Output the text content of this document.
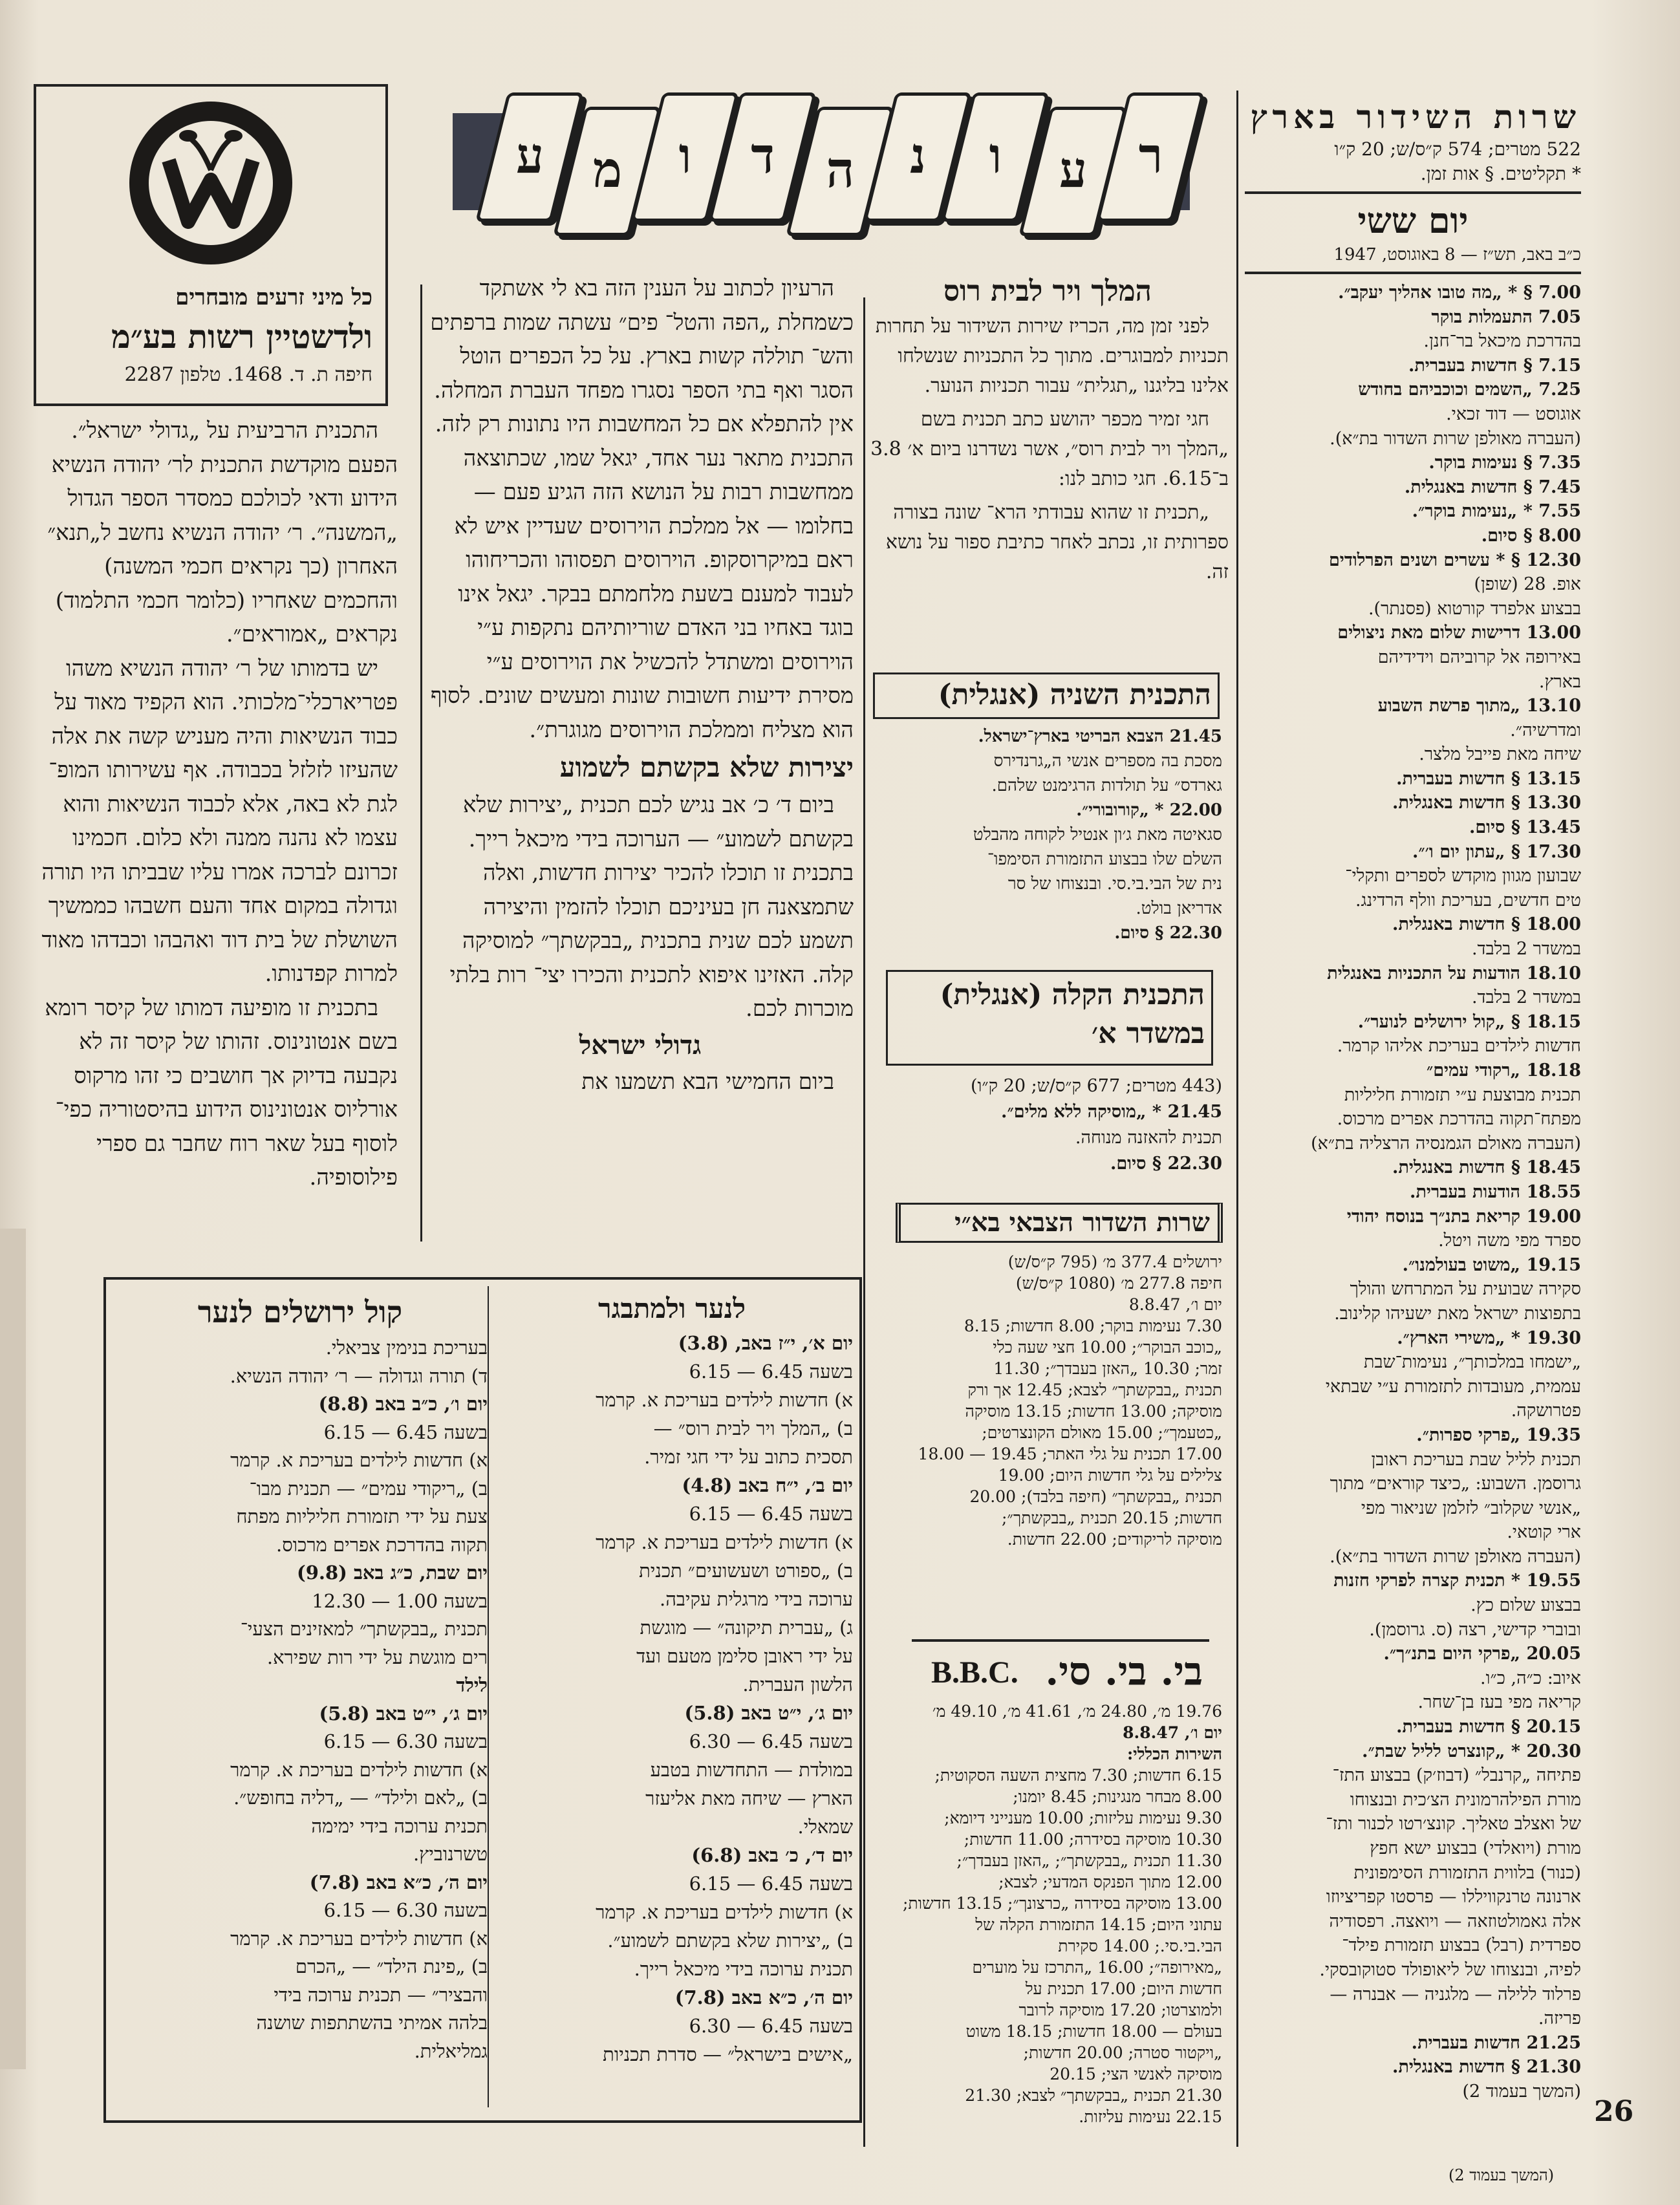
כל מיני זרעים מובחרים
ולדשטיין רשות בע״מ
חיפה ת. ד. 1468. טלפון 2287
ע מ	ו	ד	ה	נ	ו	ע	ר
שרות השידור בארץ
522 מטרים; 574 ק״ס/ש; 20 ק״ו
* תקליטים. § אות זמן.
יום ששי
כ״ב באב, תש״ז — 8 באוגוסט, 1947
7.00 § * „מה טובו אהליך יעקב״.
7.05 התעמלות בוקר
בהדרכת מיכאל בר־חנן.
7.15 § חדשות בעברית.
7.25 „השמים וכוכביהם בחודש
אוגוסט — דוד זכאי.
(העברה מאולפן שרות השדור בת״א).
7.35 § נעימות בוקר.
7.45 § חדשות באנגלית.
7.55 * „נעימות בוקר״.
8.00 § סיום.
12.30 § * עשרים ושנים הפרלודים
אופ. 28 (שופן)
בבצוע אלפרד קורטוא (פסנתר).
13.00 דרישות שלום מאת ניצולים
באירופה אל קרוביהם וידידיהם
בארץ.
13.10 „מתוך פרשת השבוע
ומדרשיה״.
שיחה מאת פייבל מלצר.
13.15 § חדשות בעברית.
13.30 § חדשות באנגלית.
13.45 § סיום.
17.30 § „עתון יום ו׳״.
שבועון מגוון מוקדש לספרים ותקלי־
טים חדשים, בעריכת וולף הרדינג.
18.00 § חדשות באנגלית.
במשדר 2 בלבד.
18.10 הודעות על התכניות באנגלית
במשדר 2 בלבד.
18.15 § „קול ירושלים לנוער״.
חדשות לילדים בעריכת אליהו קרמר.
18.18 „רקודי עמים״
תכנית מבוצעת ע״י תזמורת חליליות
מפתח־תקוה בהדרכת אפרים מרכוס.
(העברה מאולם הגמנסיה הרצליה בת״א)
18.45 § חדשות באנגלית.
18.55 הודעות בעברית.
19.00 קריאת בתנ״ך בנוסח יהודי
ספרד מפי משה ויטל.
19.15 „משוט בעולמנו״.
סקירה שבועית על המתרחש והולך
בתפוצות ישראל מאת ישעיהו קלינוב.
19.30 * „משירי הארץ״.
„ישמחו במלכותך״, נעימות־שבת
עממית, מעובדות לתזמורת ע״י שבתאי
פטרושקה.
19.35 „פרקי ספרות״.
תכנית לליל שבת בעריכת ראובן
גרוסמן. השבוע: „כיצד קוראים״ מתוך
„אנשי שקלוב״ לזלמן שניאור מפי
ארי קוטאי.
(העברה מאולפן שרות השדור בת״א).
19.55 * תכנית קצרה לפרקי חזנות
בבצוע שלום כץ.
ובוברי קדישי, רצה (ס. גרוסמן).
20.05 „פרקי היום בתנ״ך״.
איוב: כ״ה, כ״ו.
קריאה מפי בעז בן־שחר.
20.15 § חדשות בעברית.
20.30 * „קונצרט לליל שבת״.
פתיחה „קרנבל״ (דבוז׳ק) בבצוע התז־
מורת הפילהרמונית הצ׳כית ובנצוחו
של ואצלב טאליך. קונצ׳רטו לכנור ותז־
מורת (ויואלדי) בבצוע ישא חפץ
(כנור) בלווית התזמורת הסימפונית
ארנונה טרנקוויללו — פרסטו קפריציוזו
אלה גאמולטוזאה — ויואצה. רפסודיה
ספרדית (רבל) בבצוע תזמורת פילד־
לפיה, ובנצוחו של ליאופולד סטוקובסקי.
פרלוד ללילה — מלגניה — אבנרה —
פריזה.
21.25 חדשות בעברית.
21.30 § חדשות באנגלית.
(המשך בעמוד 2)
המלך ויר לבית רוס
לפני זמן מה, הכריז שירות השידור על תחרות תכניות למבוגרים. מתוך כל התכניות שנשלחו אלינו בליגנו „תגלית״ עבור תכניות הנוער.
חגי זמיר מכפר יהושע כתב תכנית בשם „המלך ויר לבית רוס״, אשר נשדרנו ביום א׳ 3.8 ב־6.15. חגי כותב לנו:
„תכנית זו שהוא עבודתי הרא־ שונה בצורה ספרותית זו, נכתב לאחר כתיבת ספור על נושא זה.
התכנית השניה (אנגלית)
21.45 הצבא הבריטי בארץ־ישראל.
מסכת בה מספרים אנשי ה„גרנדירס
גארדס״ על תולדות הרגימנט שלהם.
22.00 * „קורובורי״.
סגאיטה מאת ג׳ון אנטיל לקוחה מהבלט
השלם שלו בבצוע התזמורת הסימפו־
נית של הבי.בי.סי. ובנצוחו של סר
אדריאן בולט.
22.30 § סיום.
התכנית הקלה (אנגלית)
במשדר א׳
(443 מטרים; 677 ק״ס/ש; 20 ק״ו)
21.45 * „מוסיקה ללא מלים״.
תכנית להאזנה מנוחה.
22.30 § סיום.
שרות השדור הצבאי בא״י
ירושלים 377.4 מ׳ (795 ק״ס/ש)
חיפה 277.8 מ׳ (1080 ק״ס/ש)
יום ו׳, 8.8.47
7.30 נעימות בוקר; 8.00 חדשות; 8.15
„כוכב הבוקר״; 10.00 חצי שעה כלי
זמר; 10.30 „האזן בעבדך״; 11.30
תכנית „בבקשתך״ לצבא; 12.45 אך ורק
מוסיקה; 13.00 חדשות; 13.15 מוסיקה
„כטעמך״; 15.00 מאולם הקונצרטים;
17.00 תכנית על גלי האתר; 19.45 — 18.00
צלילים על גלי חדשות היום; 19.00
תכנית „בבקשתך״ (חיפה בלבד); 20.00
חדשות; 20.15 תכנית „בבקשתך״;
מוסיקה לריקודים; 22.00 חדשות.
בי. בי. סי.
B.B.C.
19.76 מ׳, 24.80 מ׳, 41.61 מ׳, 49.10 מ׳
יום ו׳, 8.8.47
השירות הכללי:
6.15 חדשות; 7.30 מחצית השעה הסקוטית;
8.00 מבחר מנגינות; 8.45 יומנו;
9.30 נעימות עליזות; 10.00 מענייני דיומא;
10.30 מוסיקה בסידרה; 11.00 חדשות;
11.30 תכנית „בבקשתך״; „האזן בעבדך״;
12.00 מתוך הפנקס המדעי; לצבא;
13.00 מוסיקה בסידרה „כרצונך״; 13.15 חדשות;
עתוני היום; 14.15 התזמורת הקלה של
הבי.בי.סי.; 14.00 סקירת
„מאירופה״; 16.00 „התרכז על מוערים
חדשות היום; 17.00 תכנית על
ולמוצרטו; 17.20 מוסיקה לרובר
בעולם — 18.00 חדשות; 18.15 משוט
„ויקטור סטרה; 20.00 חדשות;
מוסיקה לאנשי הצי; 20.15
21.30 תכנית „בבקשתך״ לצבא; 21.30
22.15 נעימות עליזות.
הרעיון לכתוב על הענין הזה בא לי אשתקד כשמחלת „הפה והטל־ פים״ עשתה שמות ברפתים והש־ תוללה קשות בארץ. על כל הכפרים הוטל הסגר ואף בתי הספר נסגרו מפחד העברת המחלה. אין להתפלא אם כל המחשבות היו נתונות רק לזה. התכנית מתאר נער אחד, יגאל שמו, שכתוצאה ממחשבות רבות על הנושא הזה הגיע פעם — בחלומו — אל ממלכת הוירוסים שעדיין איש לא ראם במיקרוסקופ. הוירוסים תפסוהו והכריחוהו לעבוד למענם בשעת מלחמתם בבקר. יגאל אינו בוגד באחיו בני האדם שוריותיהם נתקפות ע״י הוירוסים ומשתדל להכשיל את הוירוסים ע״י מסירת ידיעות חשובות שונות ומעשים שונים. לסוף הוא מצליח וממלכת הוירוסים מגוגרת״.
יצירות שלא בקשתם לשמוע
ביום ד׳ כ׳ אב נגיש לכם תכנית „יצירות שלא בקשתם לשמוע״ — הערוכה בידי מיכאל רייך. בתכנית זו תוכלו להכיר יצירות חדשות, ואלה שתמצאנה חן בעיניכם תוכלו להזמין והיצירה תשמע לכם שנית בתכנית „בבקשתך״ למוסיקה קלה. האזינו איפוא לתכנית והכירו יצי־ רות בלתי מוכרות לכם.
גדולי ישראל
ביום החמישי הבא תשמעו את
התכנית הרביעית על „גדולי ישראל״. הפעם מוקדשת התכנית לר׳ יהודה הנשיא הידוע ודאי לכולכם כמסדר הספר הגדול „המשנה״. ר׳ יהודה הנשיא נחשב ל„תנא״ האחרון (כך נקראים חכמי המשנה) והחכמים שאחריו (כלומר חכמי התלמוד) נקראים „אמוראים״.
יש בדמותו של ר׳ יהודה הנשיא משהו פטריארכלי־מלכותי. הוא הקפיד מאוד על כבוד הנשיאות והיה מעניש קשה את אלה שהעיזו לזלזל בכבודה. אף עשירותו המופ־ לגת לא באה, אלא לכבוד הנשיאות והוא עצמו לא נהנה ממנה ולא כלום. חכמינו זכרונם לברכה אמרו עליו שבביתו היו תורה וגדולה במקום אחד והעם חשבהו כממשיך השושלת של בית דוד ואהבהו וכבדהו מאוד למרות קפדנותו.
בתכנית זו מופיעה דמותו של קיסר רומא בשם אנטונינוס. זהותו של קיסר זה לא נקבעה בדיוק אך חושבים כי זהו מרקוס אורליוס אנטונינוס הידוע בהיסטוריה כפי־ לוסוף בעל שאר רוח שחבר גם ספרי פילוסופיה.
קול ירושלים לנער
בעריכת בנימין צביאלי.
ד) תורה וגדולה — ר׳ יהודה הנשיא.
יום ו׳, כ״ב באב (8.8)
בשעה 6.45 — 6.15
א) חדשות לילדים בעריכת א. קרמר
ב) „ריקודי עמים״ — תכנית מבו־
צעת על ידי תזמורת חליליות מפתח
תקוה בהדרכת אפרים מרכוס.
יום שבת, כ״ג באב (9.8)
בשעה 1.00 — 12.30
תכנית „בבקשתך״ למאזינים הצעי־
רים מוגשת על ידי רות שפירא.
לילד
יום ג׳, י״ט באב (5.8)
בשעה 6.30 — 6.15
א) חדשות לילדים בעריכת א. קרמר
ב) „לאם ולילד״ — „דליה בחופש״.
תכנית ערוכה בידי ימימה
טשרנוביץ.
יום ה׳, כ״א באב (7.8)
בשעה 6.30 — 6.15
א) חדשות לילדים בעריכת א. קרמר
ב) „פינת הילד״ — „הכרם
והבציר״ — תכנית ערוכה בידי
בלהה אמיתי בהשתתפות שושנה
גמליאלית.
לנער ולמתבגר
יום א׳, י״ז באב, (3.8)
בשעה 6.45 — 6.15
א) חדשות לילדים בעריכת א. קרמר
ב) „המלך ויר לבית רוס״ —
תסכית כתוב על ידי חגי זמיר.
יום ב׳, י״ח באב (4.8)
בשעה 6.45 — 6.15
א) חדשות לילדים בעריכת א. קרמר
ב) „ספורט ושעשועים״ תכנית
ערוכה בידי מרגלית עקיבה.
ג) „עברית תיקונה״ — מוגשת
על ידי ראובן סלימן מטעם ועד
הלשון העברית.
יום ג׳, י״ט באב (5.8)
בשעה 6.45 — 6.30
במולדת — התחדשות בטבע
הארץ — שיחה מאת אליעזר
שמאלי.
יום ד׳, כ׳ באב (6.8)
בשעה 6.45 — 6.15
א) חדשות לילדים בעריכת א. קרמר
ב) „יצירות שלא בקשתם לשמוע״.
תכנית ערוכה בידי מיכאל רייך.
יום ה׳, כ״א באב (7.8)
בשעה 6.45 — 6.30
„אישים בישראל״ — סדרת תכניות
26
(המשך בעמוד 2)
